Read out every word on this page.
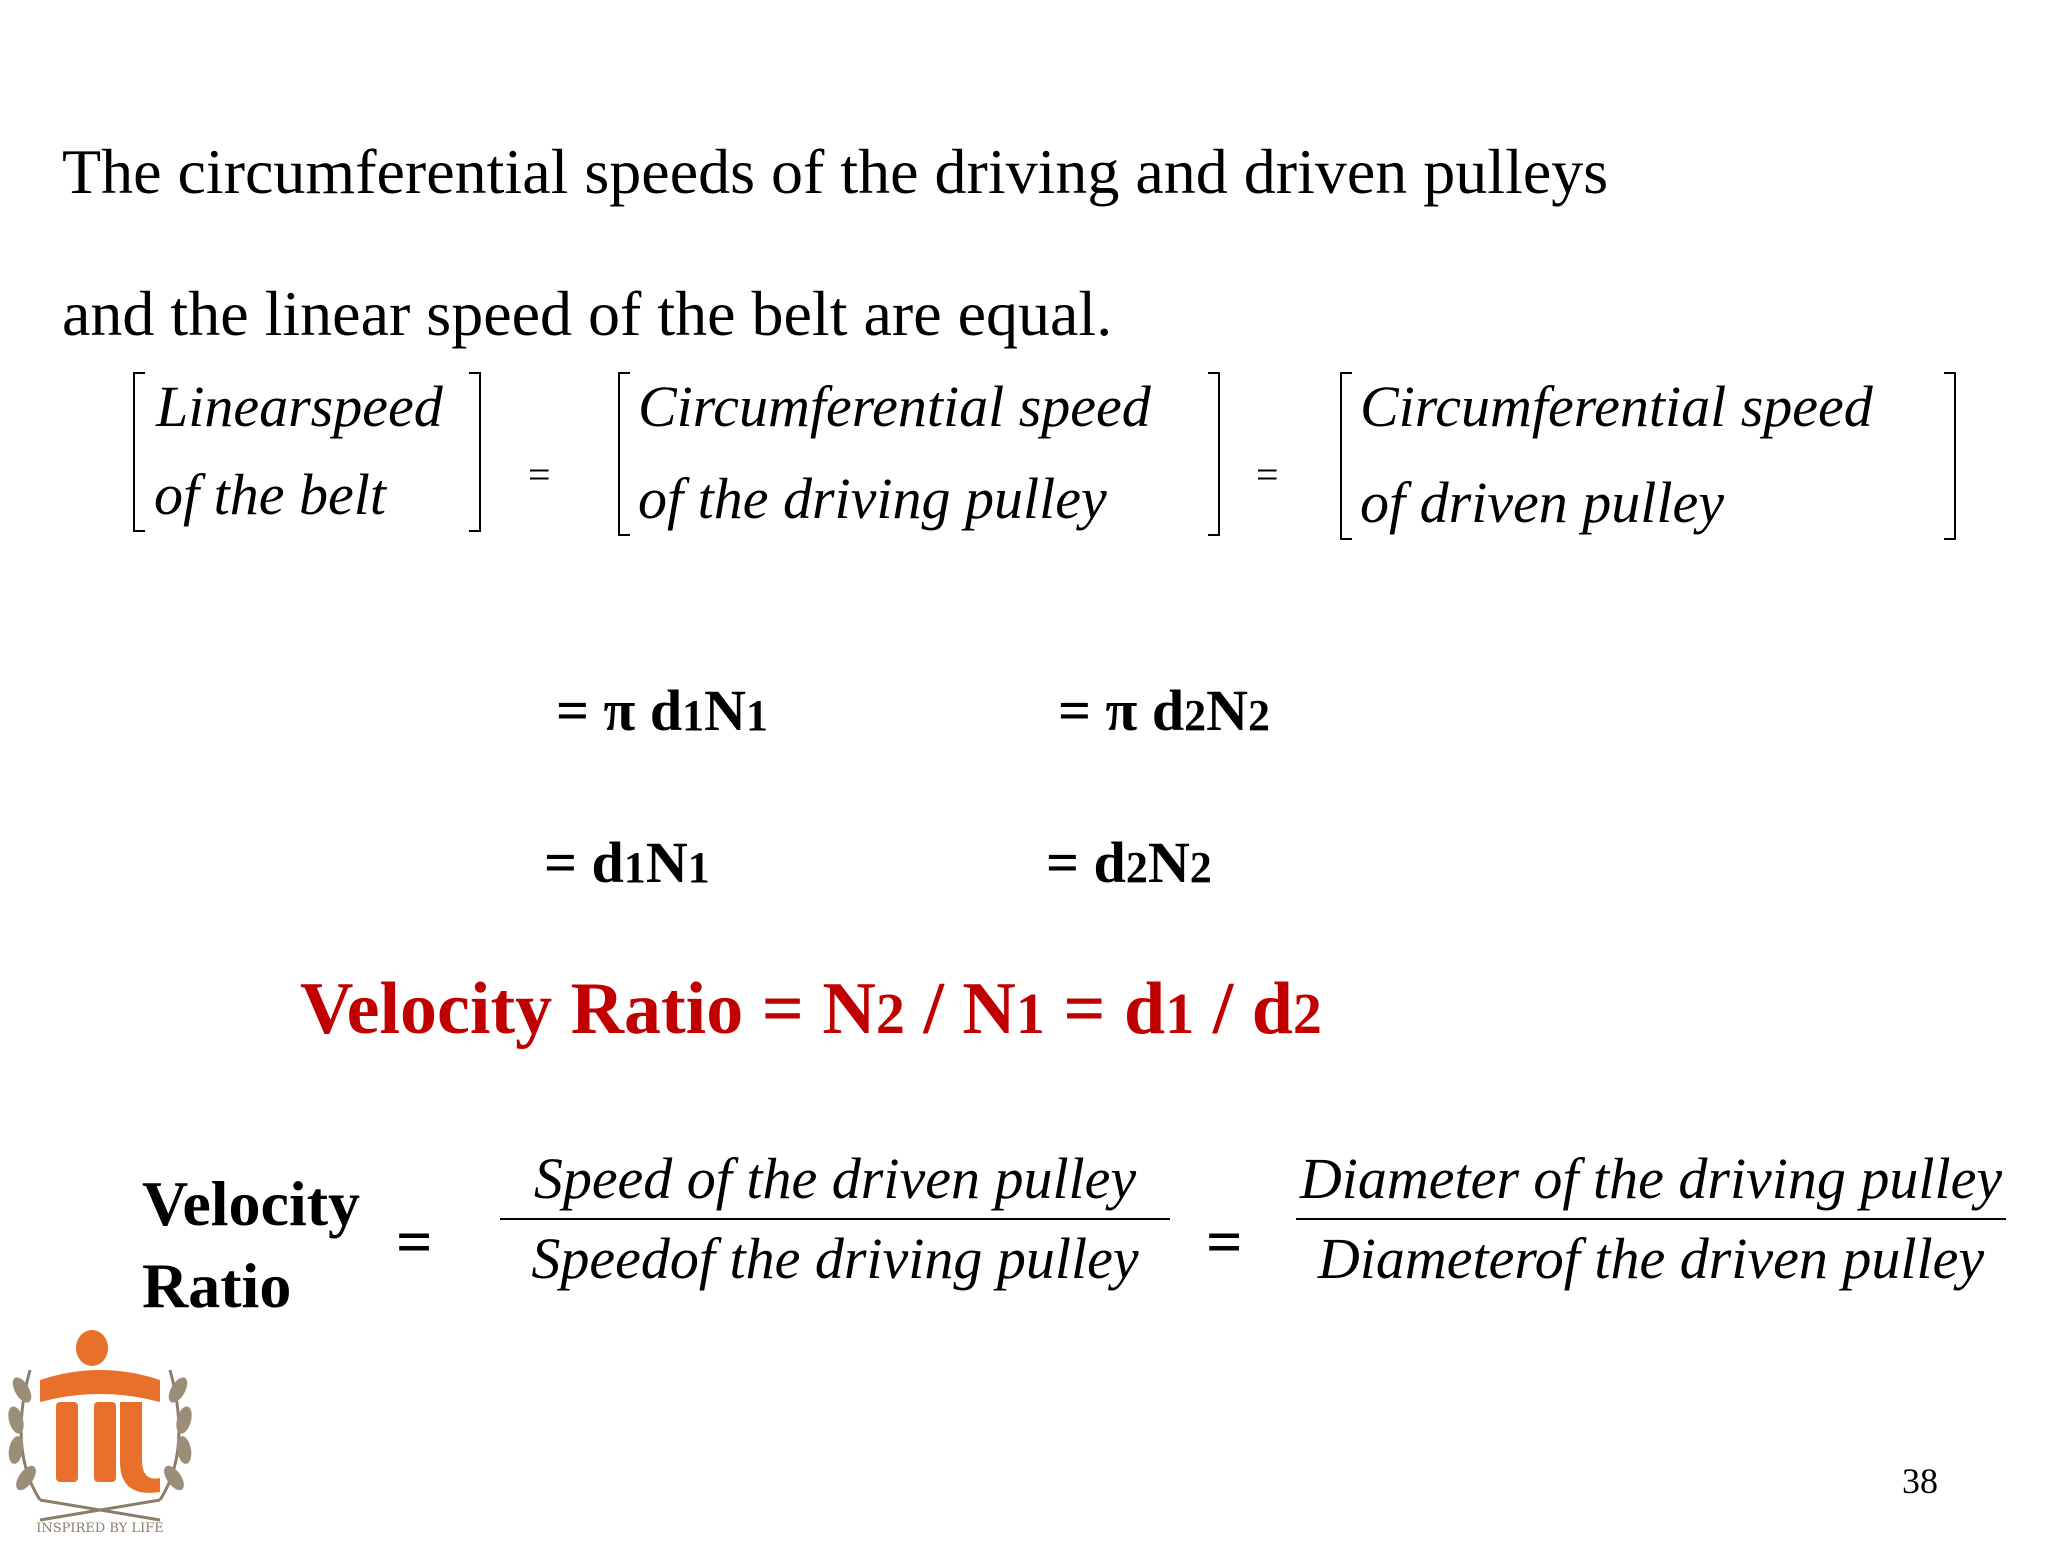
The circumferential speeds of the driving and driven pulleys
and the linear speed of the belt are equal.
Linearspeed
of the belt	=
Circumferential speed
of the driving pulley	=
Circumferential speed
of driven pulley
= π d1N1	= π d2N2
= d1N1	= d2N2
Velocity Ratio = N2 / N1 = d1 / d2
Velocity
Ratio
=
Speed of the driven pulley
Speedof the driving pulley	=
Diameter of the driving pulley
Diameterof the driven pulley
INSPIRED BY LIFE
38
